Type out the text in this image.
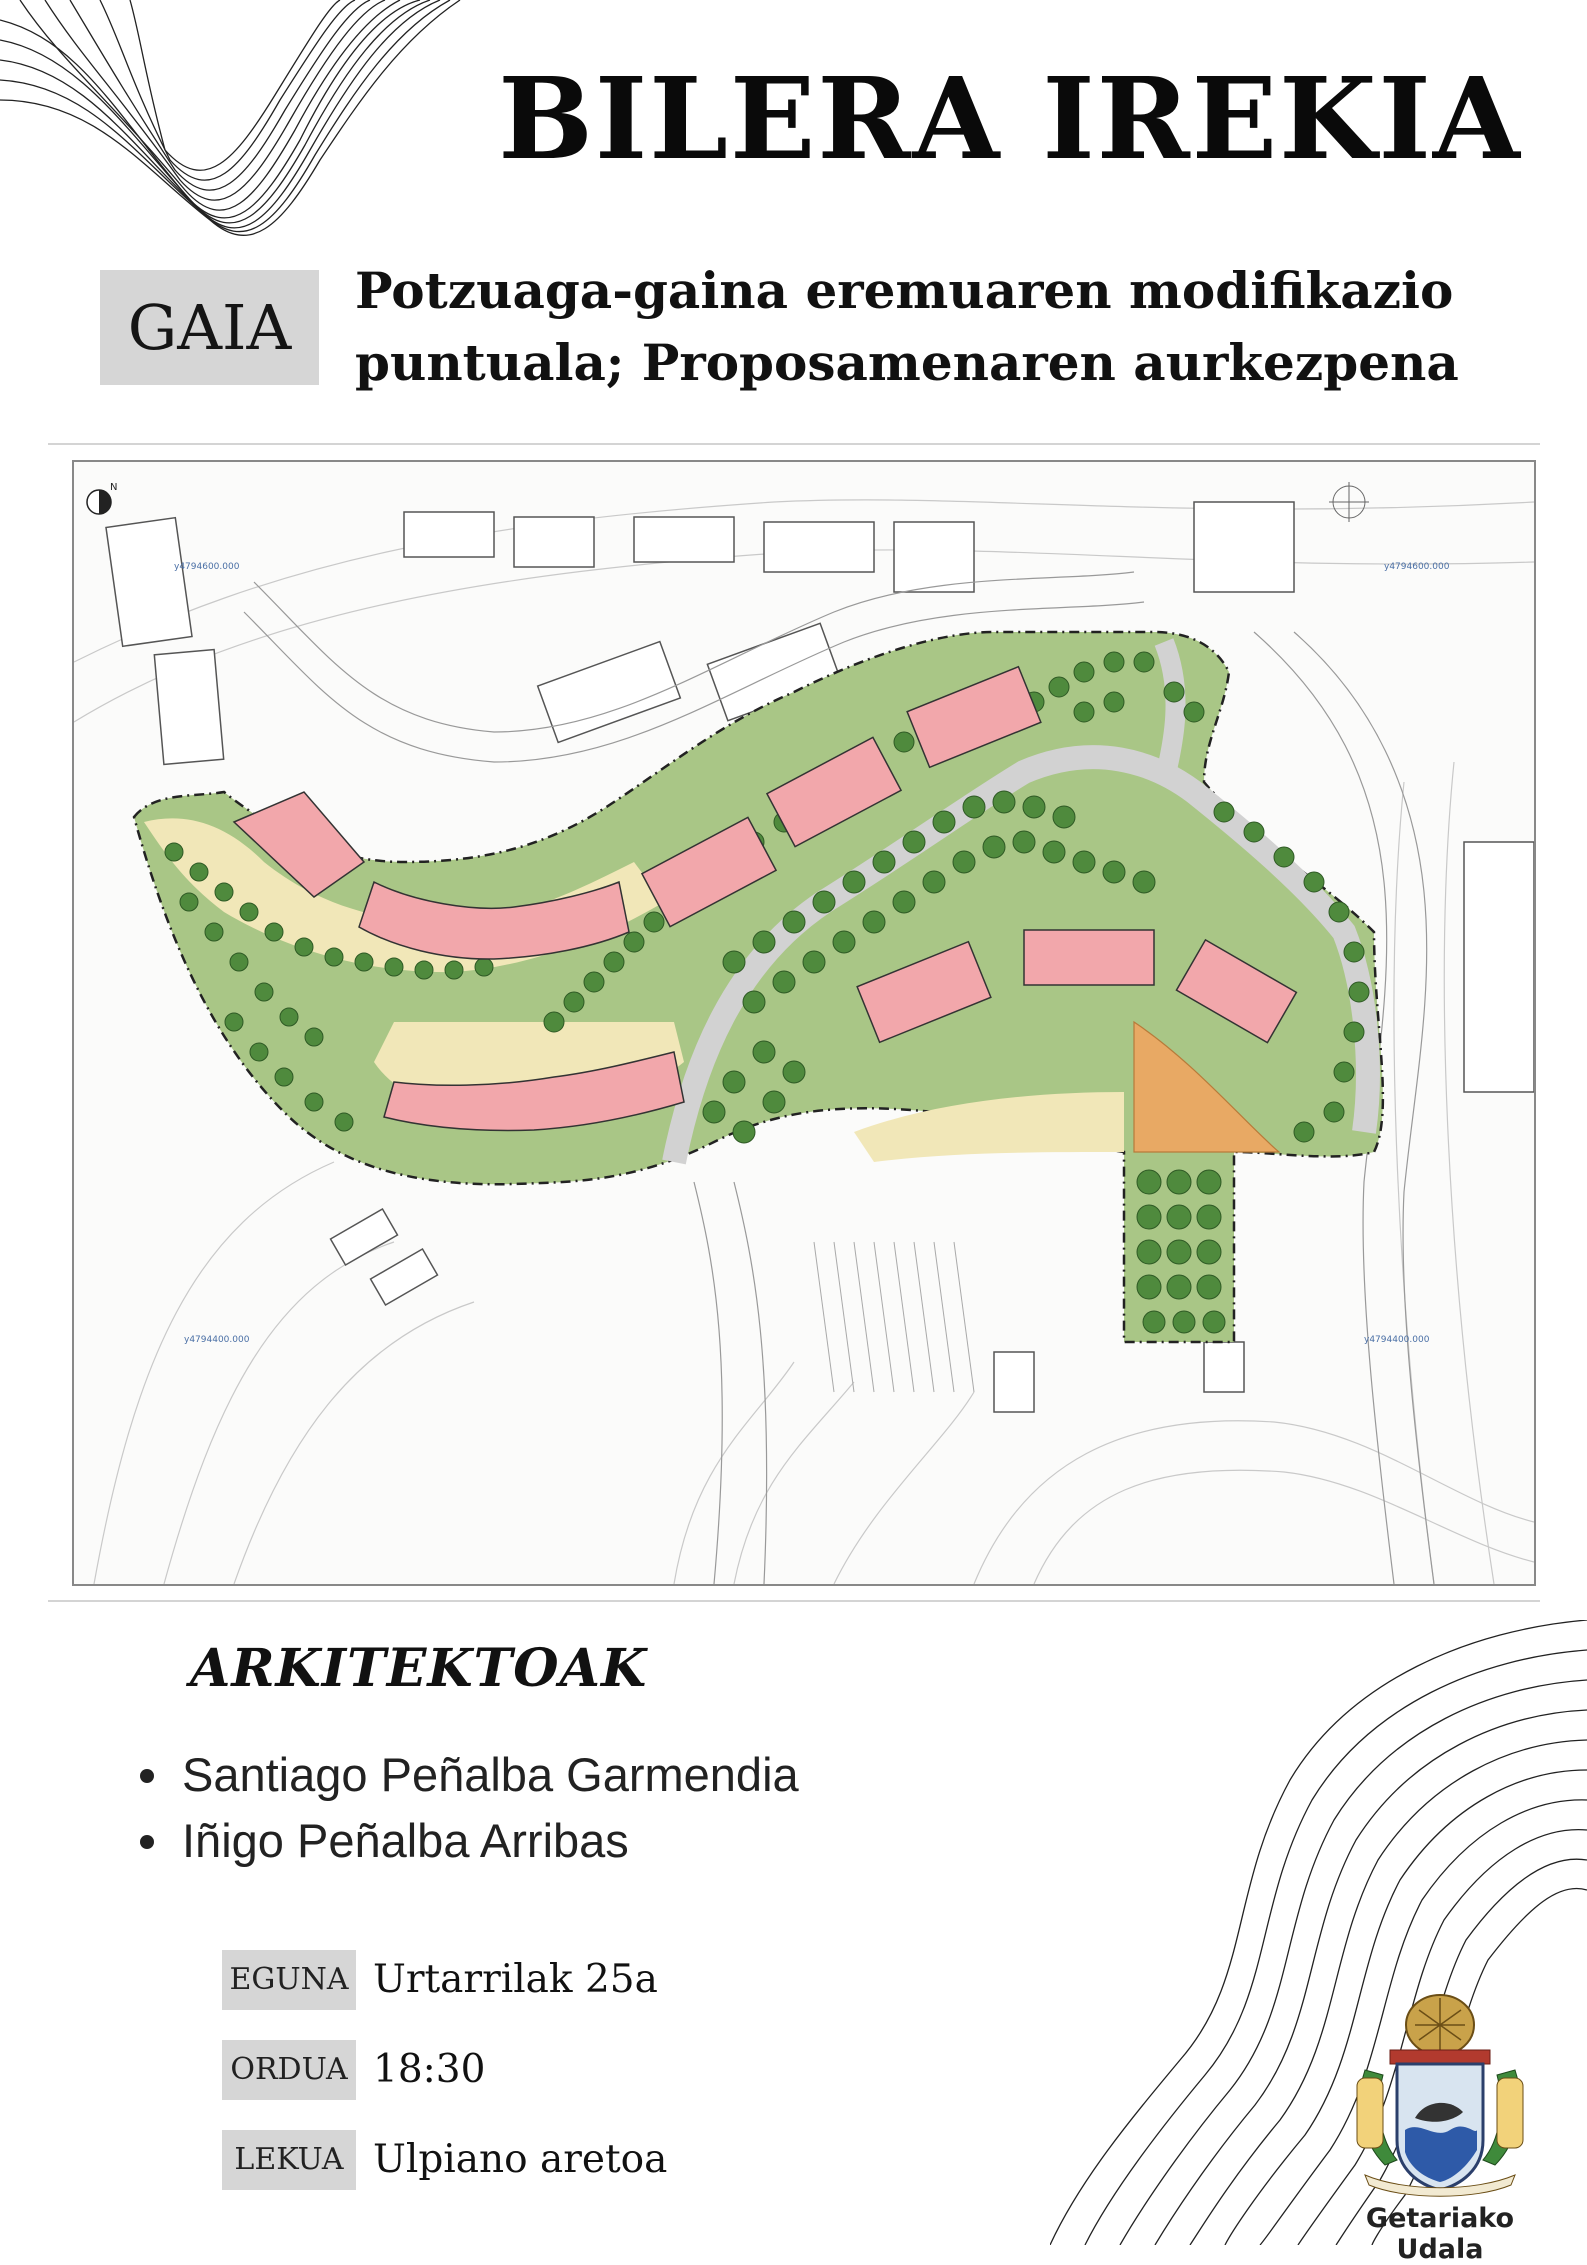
BILERA IREKIA
GAIA
Potzuaga-gaina eremuaren modifikazio
puntuala; Proposamenaren aurkezpena
N
y4794600.000	y4794600.000
y4794400.000	y4794400.000
ARKITEKTOAK
Santiago Peñalba Garmendia
Iñigo Peñalba Arribas
EGUNA Urtarrilak 25a
ORDUA 18:30
LEKUA Ulpiano aretoa
Getariako Udala
